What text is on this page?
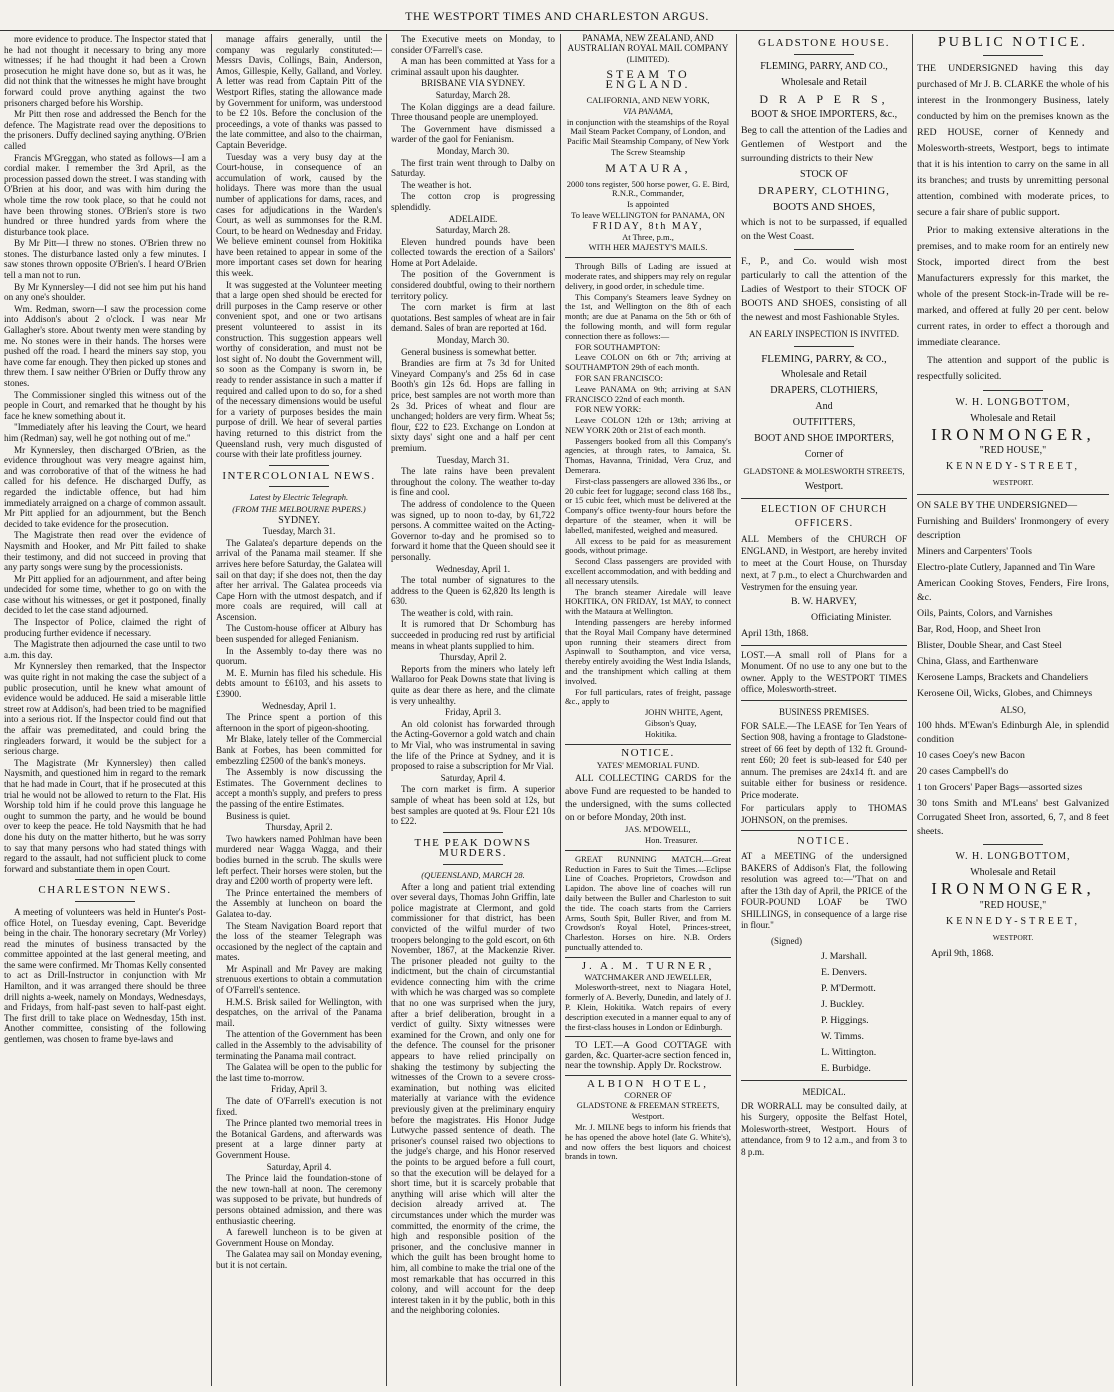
THE WESTPORT TIMES AND CHARLESTON ARGUS.

more evidence to produce. The Inspector stated that he had not thought it necessary to bring any more witnesses; if he had thought it had been a Crown prosecution he might have done so, but as it was, he did not think that the witnesses he might have brought forward could prove anything against the two prisoners charged before his Worship.

Mr Pitt then rose and addressed the Bench for the defence. The Magistrate read over the depositions to the prisoners. Duffy declined saying anything. O'Brien called

Francis M'Greggan, who stated as follows—I am a cordial maker. I remember the 3rd April, as the procession passed down the street. I was standing with O'Brien at his door, and was with him during the whole time the row took place, so that he could not have been throwing stones. O'Brien's store is two hundred or three hundred yards from where the disturbance took place.

By Mr Pitt—I threw no stones. O'Brien threw no stones. The disturbance lasted only a few minutes. I saw stones thrown opposite O'Brien's. I heard O'Brien tell a man not to run.

By Mr Kynnersley—I did not see him put his hand on any one's shoulder.

Wm. Redman, sworn—I saw the procession come into Addison's about 2 o'clock. I was near Mr Gallagher's store. About twenty men were standing by me. No stones were in their hands. The horses were pushed off the road. I heard the miners say stop, you have come far enough. They then picked up stones and threw them. I saw neither O'Brien or Duffy throw any stones.

The Commissioner singled this witness out of the people in Court, and remarked that he thought by his face he knew something about it.

"Immediately after his leaving the Court, we heard him (Redman) say, well he got nothing out of me."

Mr Kynnersley, then discharged O'Brien, as the evidence throughout was very meagre against him, and was corroborative of that of the witness he had called for his defence. He discharged Duffy, as regarded the indictable offence, but had him immediately arraigned on a charge of common assault. Mr Pitt applied for an adjournment, but the Bench decided to take evidence for the prosecution.

The Magistrate then read over the evidence of Naysmith and Hooker, and Mr Pitt failed to shake their testimony, and did not succeed in proving that any party songs were sung by the processionists.

Mr Pitt applied for an adjournment, and after being undecided for some time, whether to go on with the case without his witnesses, or get it postponed, finally decided to let the case stand adjourned.

The Inspector of Police, claimed the right of producing further evidence if necessary.

The Magistrate then adjourned the case until to two a.m. this day.

Mr Kynnersley then remarked, that the Inspector was quite right in not making the case the subject of a public prosecution, until he knew what amount of evidence would be adduced. He said a miserable little street row at Addison's, had been tried to be magnified into a serious riot. If the Inspector could find out that the affair was premeditated, and could bring the ringleaders forward, it would be the subject for a serious charge.

The Magistrate (Mr Kynnersley) then called Naysmith, and questioned him in regard to the remark that he had made in Court, that if he prosecuted at this trial he would not be allowed to return to the Flat. His Worship told him if he could prove this language he ought to summon the party, and he would be bound over to keep the peace. He told Naysmith that he had done his duty on the matter hitherto, but he was sorry to say that many persons who had stated things with regard to the assault, had not sufficient pluck to come forward and substantiate them in open Court.

CHARLESTON NEWS.

A meeting of volunteers was held in Hunter's Post-office Hotel, on Tuesday evening, Capt. Beveridge being in the chair. The honorary secretary (Mr Vorley) read the minutes of business transacted by the committee appointed at the last general meeting, and the same were confirmed. Mr Thomas Kelly consented to act as Drill-Instructor in conjunction with Mr Hamilton, and it was arranged there should be three drill nights a-week, namely on Mondays, Wednesdays, and Fridays, from half-past seven to half-past eight. The first drill to take place on Wednesday, 15th inst. Another committee, consisting of the following gentlemen, was chosen to frame bye-laws and

manage affairs generally, until the company was regularly constituted:—Messrs Davis, Collings, Bain, Anderson, Amos, Gillespie, Kelly, Galland, and Vorley. A letter was read from Captain Pitt of the Westport Rifles, stating the allowance made by Government for uniform, was understood to be £2 10s. Before the conclusion of the proceedings, a vote of thanks was passed to the late committee, and also to the chairman, Captain Beveridge.

Tuesday was a very busy day at the Court-house, in consequence of an accumulation of work, caused by the holidays. There was more than the usual number of applications for dams, races, and cases for adjudications in the Warden's Court, as well as summonses for the R.M. Court, to be heard on Wednesday and Friday. We believe eminent counsel from Hokitika have been retained to appear in some of the more important cases set down for hearing this week.

It was suggested at the Volunteer meeting that a large open shed should be erected for drill purposes in the Camp reserve or other convenient spot, and one or two artisans present volunteered to assist in its construction. This suggestion appears well worthy of consideration, and must not be lost sight of. No doubt the Government will, so soon as the Company is sworn in, be ready to render assistance in such a matter if required and called upon to do so, for a shed of the necessary dimensions would be useful for a variety of purposes besides the main purpose of drill. We hear of several parties having returned to this district from the Queensland rush, very much disgusted of course with their late profitless journey.

INTERCOLONIAL NEWS.
Latest by Electric Telegraph.
(FROM THE MELBOURNE PAPERS.)
SYDNEY.

Tuesday, March 31.

The Galatea's departure depends on the arrival of the Panama mail steamer. If she arrives here before Saturday, the Galatea will sail on that day; if she does not, then the day after her arrival. The Galatea proceeds via Cape Horn with the utmost despatch, and if more coals are required, will call at Ascension.

The Custom-house officer at Albury has been suspended for alleged Fenianism.

In the Assembly to-day there was no quorum.

M. E. Murnin has filed his schedule. His debts amount to £6103, and his assets to £3900.

Wednesday, April 1.

The Prince spent a portion of this afternoon in the sport of pigeon-shooting.

Mr Blake, lately teller of the Commercial Bank at Forbes, has been committed for embezzling £2500 of the bank's moneys.

The Assembly is now discussing the Estimates. The Government declines to accept a month's supply, and prefers to press the passing of the entire Estimates.

Business is quiet.

Thursday, April 2.

Two hawkers named Pohlman have been murdered near Wagga Wagga, and their bodies burned in the scrub. The skulls were left perfect. Their horses were stolen, but the dray and £200 worth of property were left.

The Prince entertained the members of the Assembly at luncheon on board the Galatea to-day.

The Steam Navigation Board report that the loss of the steamer Telegraph was occasioned by the neglect of the captain and mates.

Mr Aspinall and Mr Pavey are making strenuous exertions to obtain a commutation of O'Farrell's sentence.

H.M.S. Brisk sailed for Wellington, with despatches, on the arrival of the Panama mail.

The attention of the Government has been called in the Assembly to the advisability of terminating the Panama mail contract.

The Galatea will be open to the public for the last time to-morrow.

Friday, April 3.

The date of O'Farrell's execution is not fixed.

The Prince planted two memorial trees in the Botanical Gardens, and afterwards was present at a large dinner party at Government House.

Saturday, April 4.

The Prince laid the foundation-stone of the new town-hall at noon. The ceremony was supposed to be private, but hundreds of persons obtained admission, and there was enthusiastic cheering.

A farewell luncheon is to be given at Government House on Monday.

The Galatea may sail on Monday evening, but it is not certain.

The Executive meets on Monday, to consider O'Farrell's case.

A man has been committed at Yass for a criminal assault upon his daughter.

BRISBANE VIA SYDNEY.

Saturday, March 28.

The Kolan diggings are a dead failure. Three thousand people are unemployed.

The Government have dismissed a warder of the gaol for Fenianism.

Monday, March 30.

The first train went through to Dalby on Saturday.

The weather is hot.

The cotton crop is progressing splendidly.

ADELAIDE.

Saturday, March 28.

Eleven hundred pounds have been collected towards the erection of a Sailors' Home at Port Adelaide.

The position of the Government is considered doubtful, owing to their northern territory policy.

The corn market is firm at last quotations. Best samples of wheat are in fair demand. Sales of bran are reported at 16d.

Monday, March 30.

General business is somewhat better.

Brandies are firm at 7s 3d for United Vineyard Company's and 25s 6d in case Booth's gin 12s 6d. Hops are falling in price, best samples are not worth more than 2s 3d. Prices of wheat and flour are unchanged; holders are very firm. Wheat 5s; flour, £22 to £23. Exchange on London at sixty days' sight one and a half per cent premium.

Tuesday, March 31.

The late rains have been prevalent throughout the colony. The weather to-day is fine and cool.

The address of condolence to the Queen was signed, up to noon to-day, by 61,722 persons. A committee waited on the Acting-Governor to-day and he promised so to forward it home that the Queen should see it personally.

Wednesday, April 1.

The total number of signatures to the address to the Queen is 62,820 Its length is 630.

The weather is cold, with rain.

It is rumored that Dr Schomburg has succeeded in producing red rust by artificial means in wheat plants supplied to him.

Thursday, April 2.

Reports from the miners who lately left Wallaroo for Peak Downs state that living is quite as dear there as here, and the climate is very unhealthy.

Friday, April 3.

An old colonist has forwarded through the Acting-Governor a gold watch and chain to Mr Vial, who was instrumental in saving the life of the Prince at Sydney, and it is proposed to raise a subscription for Mr Vial.

Saturday, April 4.

The corn market is firm. A superior sample of wheat has been sold at 12s, but best samples are quoted at 9s. Flour £21 10s to £22.

THE PEAK DOWNS MURDERS.
(QUEENSLAND, MARCH 28.

After a long and patient trial extending over several days, Thomas John Griffin, late police magistrate at Clermont, and gold commissioner for that district, has been convicted of the wilful murder of two troopers belonging to the gold escort, on 6th November, 1867, at the Mackenzie River. The prisoner pleaded not guilty to the indictment, but the chain of circumstantial evidence connecting him with the crime with which he was charged was so complete that no one was surprised when the jury, after a brief deliberation, brought in a verdict of guilty. Sixty witnesses were examined for the Crown, and only one for the defence. The counsel for the prisoner appears to have relied principally on shaking the testimony by subjecting the witnesses of the Crown to a severe cross-examination, but nothing was elicited materially at variance with the evidence previously given at the preliminary enquiry before the magistrates. His Honor Judge Lutwyche passed sentence of death. The prisoner's counsel raised two objections to the judge's charge, and his Honor reserved the points to be argued before a full court, so that the execution will be delayed for a short time, but it is scarcely probable that anything will arise which will alter the decision already arrived at. The circumstances under which the murder was committed, the enormity of the crime, the high and responsible position of the prisoner, and the conclusive manner in which the guilt has been brought home to him, all combine to make the trial one of the most remarkable that has occurred in this colony, and will account for the deep interest taken in it by the public, both in this and the neighboring colonies.

PANAMA, NEW ZEALAND, AND AUSTRALIAN ROYAL MAIL COMPANY

(LIMITED).

STEAM TO ENGLAND.

CALIFORNIA, AND NEW YORK,

VIA PANAMA,

in conjunction with the steamships of the Royal Mail Steam Packet Company, of London, and Pacific Mail Steamship Company, of New York

The Screw Steamship

MATAURA,

2000 tons register, 500 horse power, G. E. Bird, R.N.R., Commander,

Is appointed

To leave WELLINGTON for PANAMA, ON

FRIDAY, 8th MAY,

At Three, p.m.,

WITH HER MAJESTY'S MAILS.

Through Bills of Lading are issued at moderate rates, and shippers may rely on regular delivery, in good order, in schedule time.

This Company's Steamers leave Sydney on the 1st, and Wellington on the 8th of each month; are due at Panama on the 5th or 6th of the following month, and will form regular connection there as follows:—

FOR SOUTHAMPTON:

Leave COLON on 6th or 7th; arriving at SOUTHAMPTON 29th of each month.

FOR SAN FRANCISCO:

Leave PANAMA on 9th; arriving at SAN FRANCISCO 22nd of each month.

FOR NEW YORK:

Leave COLON 12th or 13th; arriving at NEW YORK 20th or 21st of each month.

Passengers booked from all this Company's agencies, at through rates, to Jamaica, St. Thomas, Havanna, Trinidad, Vera Cruz, and Demerara.

First-class passengers are allowed 336 lbs., or 20 cubic feet for luggage; second class 168 lbs., or 15 cubic feet, which must be delivered at the Company's office twenty-four hours before the departure of the steamer, when it will be labelled, manifested, weighed and measured.

All excess to be paid for as measurement goods, without primage.

Second Class passengers are provided with excellent accommodation, and with bedding and all necessary utensils.

The branch steamer Airedale will leave HOKITIKA, ON FRIDAY, 1st MAY, to connect with the Mataura at Wellington.

Intending passengers are hereby informed that the Royal Mail Company have determined upon running their steamers direct from Aspinwall to Southampton, and vice versa, thereby entirely avoiding the West India Islands, and the transhipment which calling at them involved.

For full particulars, rates of freight, passage &c., apply to

JOHN WHITE, Agent,

Gibson's Quay,

Hokitika.

NOTICE.

YATES' MEMORIAL FUND.

ALL COLLECTING CARDS for the above Fund are requested to be handed to the undersigned, with the sums collected on or before Monday, 20th inst.

JAS. M'DOWELL,

Hon. Treasurer.

GREAT RUNNING MATCH.—Great Reduction in Fares to Suit the Times.—Eclipse Line of Coaches. Proprietors, Crowdson and Lapidon. The above line of coaches will run daily between the Buller and Charleston to suit the tide. The coach starts from the Carriers Arms, South Spit, Buller River, and from M. Crowdson's Royal Hotel, Princes-street, Charleston. Horses on hire. N.B. Orders punctually attended to.

J. A. M. TURNER,

WATCHMAKER AND JEWELLER,

Molesworth-street, next to Niagara Hotel, formerly of A. Beverly, Dunedin, and lately of J. P. Klein, Hokitika. Watch repairs of every description executed in a manner equal to any of the first-class houses in London or Edinburgh.

TO LET.—A Good COTTAGE with garden, &c. Quarter-acre section fenced in, near the township. Apply Dr. Rockstrow.

ALBION HOTEL,

CORNER OF

GLADSTONE & FREEMAN STREETS,

Westport.

Mr. J. MILNE begs to inform his friends that he has opened the above hotel (late G. White's), and now offers the best liquors and choicest brands in town.

GLADSTONE HOUSE.

FLEMING, PARRY, AND CO.,

Wholesale and Retail

D R A P E R S,

BOOT & SHOE IMPORTERS, &c.,

Beg to call the attention of the Ladies and Gentlemen of Westport and the surrounding districts to their New

STOCK OF

DRAPERY, CLOTHING,

BOOTS AND SHOES,

which is not to be surpassed, if equalled on the West Coast.

F., P., and Co. would wish most particularly to call the attention of the Ladies of Westport to their STOCK OF BOOTS AND SHOES, consisting of all the newest and most Fashionable Styles.

AN EARLY INSPECTION IS INVITED.

FLEMING, PARRY, & CO.,

Wholesale and Retail

DRAPERS, CLOTHIERS,

And

OUTFITTERS,

BOOT AND SHOE IMPORTERS,

Corner of

GLADSTONE & MOLESWORTH STREETS,

Westport.

ELECTION OF CHURCH OFFICERS.

ALL Members of the CHURCH OF ENGLAND, in Westport, are hereby invited to meet at the Court House, on Thursday next, at 7 p.m., to elect a Churchwarden and Vestrymen for the ensuing year.

B. W. HARVEY,

Officiating Minister.

April 13th, 1868.

LOST.—A small roll of Plans for a Monument. Of no use to any one but to the owner. Apply to the WESTPORT TIMES office, Molesworth-street.

BUSINESS PREMISES.

FOR SALE.—The LEASE for Ten Years of Section 908, having a frontage to Gladstone-street of 66 feet by depth of 132 ft. Ground-rent £60; 20 feet is sub-leased for £40 per annum. The premises are 24x14 ft. and are suitable either for business or residence. Price moderate.

For particulars apply to THOMAS JOHNSON, on the premises.

NOTICE.

AT a MEETING of the undersigned BAKERS of Addison's Flat, the following resolution was agreed to:—"That on and after the 13th day of April, the PRICE of the FOUR-POUND LOAF be TWO SHILLINGS, in consequence of a large rise in flour."

(Signed)

J. Marshall.

E. Denvers.

P. M'Dermott.

J. Buckley.

P. Higgings.

W. Timms.

L. Wittington.

E. Burbidge.

MEDICAL.

DR WORRALL may be consulted daily, at his Surgery, opposite the Belfast Hotel, Molesworth-street, Westport. Hours of attendance, from 9 to 12 a.m., and from 3 to 8 p.m.

PUBLIC NOTICE.

THE UNDERSIGNED having this day purchased of Mr J. B. CLARKE the whole of his interest in the Ironmongery Business, lately conducted by him on the premises known as the RED HOUSE, corner of Kennedy and Molesworth-streets, Westport, begs to intimate that it is his intention to carry on the same in all its branches; and trusts by unremitting personal attention, combined with moderate prices, to secure a fair share of public support.

Prior to making extensive alterations in the premises, and to make room for an entirely new Stock, imported direct from the best Manufacturers expressly for this market, the whole of the present Stock-in-Trade will be re-marked, and offered at fully 20 per cent. below current rates, in order to effect a thorough and immediate clearance.

The attention and support of the public is respectfully solicited.

W. H. LONGBOTTOM,

Wholesale and Retail

IRONMONGER,

"RED HOUSE,"

KENNEDY-STREET,

WESTPORT.

ON SALE BY THE UNDERSIGNED—

Furnishing and Builders' Ironmongery of every description

Miners and Carpenters' Tools

Electro-plate Cutlery, Japanned and Tin Ware

American Cooking Stoves, Fenders, Fire Irons, &c.

Oils, Paints, Colors, and Varnishes

Bar, Rod, Hoop, and Sheet Iron

Blister, Double Shear, and Cast Steel

China, Glass, and Earthenware

Kerosene Lamps, Brackets and Chandeliers

Kerosene Oil, Wicks, Globes, and Chimneys

ALSO,

100 hhds. M'Ewan's Edinburgh Ale, in splendid condition

10 cases Coey's new Bacon

20 cases Campbell's do

1 ton Grocers' Paper Bags—assorted sizes

30 tons Smith and M'Leans' best Galvanized Corrugated Sheet Iron, assorted, 6, 7, and 8 feet sheets.

W. H. LONGBOTTOM,

Wholesale and Retail

IRONMONGER,

"RED HOUSE,"

KENNEDY-STREET,

WESTPORT.

April 9th, 1868.
